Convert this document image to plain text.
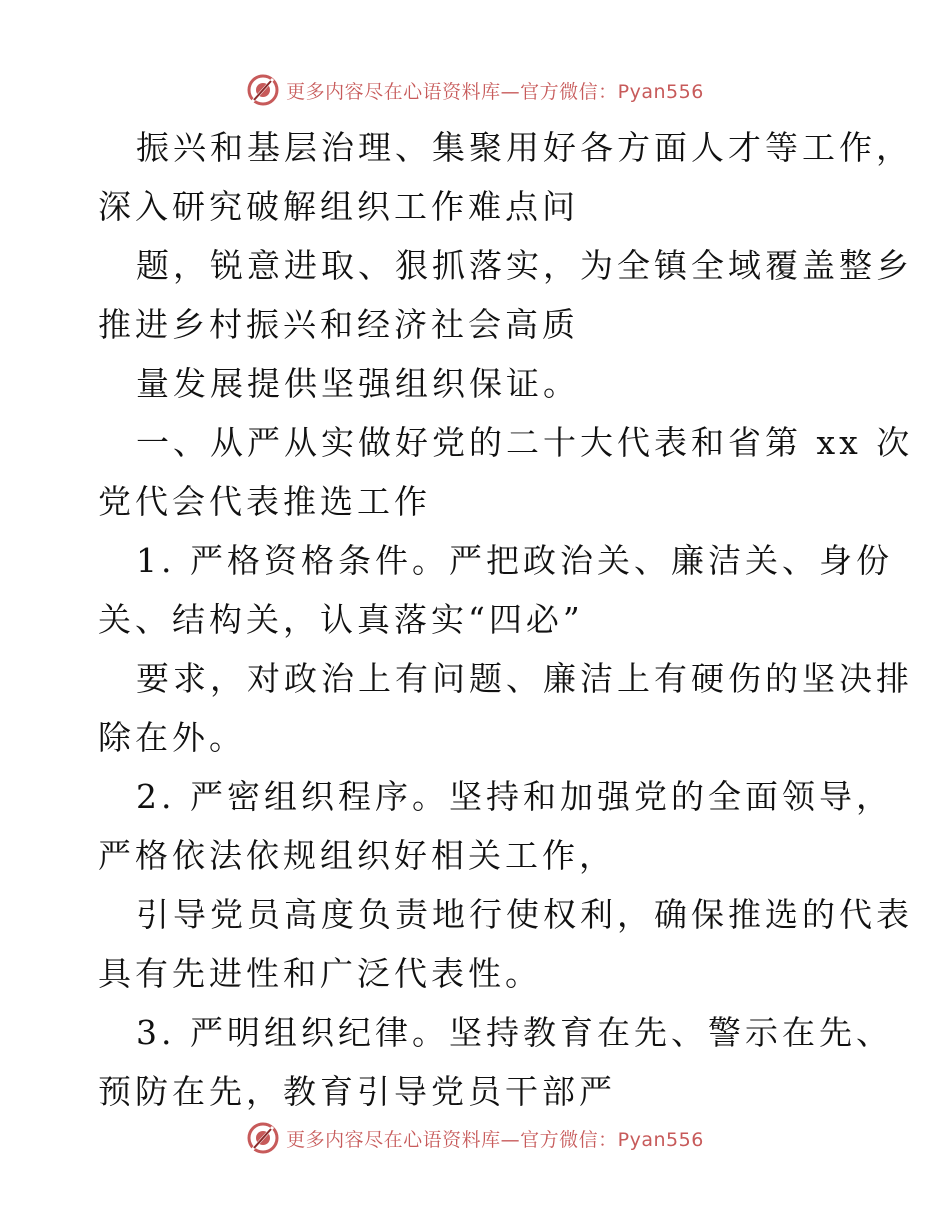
更多内容尽在心语资料库—官方微信：Pyan556
振兴和基层治理、集聚用好各方面人才等工作，
深入研究破解组织工作难点问
题，锐意进取、狠抓落实，为全镇全域覆盖整乡
推进乡村振兴和经济社会高质
量发展提供坚强组织保证。
一、从严从实做好党的二十大代表和省第 xx 次
党代会代表推选工作
1. 严格资格条件。严把政治关、廉洁关、身份
关、结构关，认真落实“四必”
要求，对政治上有问题、廉洁上有硬伤的坚决排
除在外。
2. 严密组织程序。坚持和加强党的全面领导，
严格依法依规组织好相关工作，
引导党员高度负责地行使权利，确保推选的代表
具有先进性和广泛代表性。
3. 严明组织纪律。坚持教育在先、警示在先、
预防在先，教育引导党员干部严
更多内容尽在心语资料库—官方微信：Pyan556
